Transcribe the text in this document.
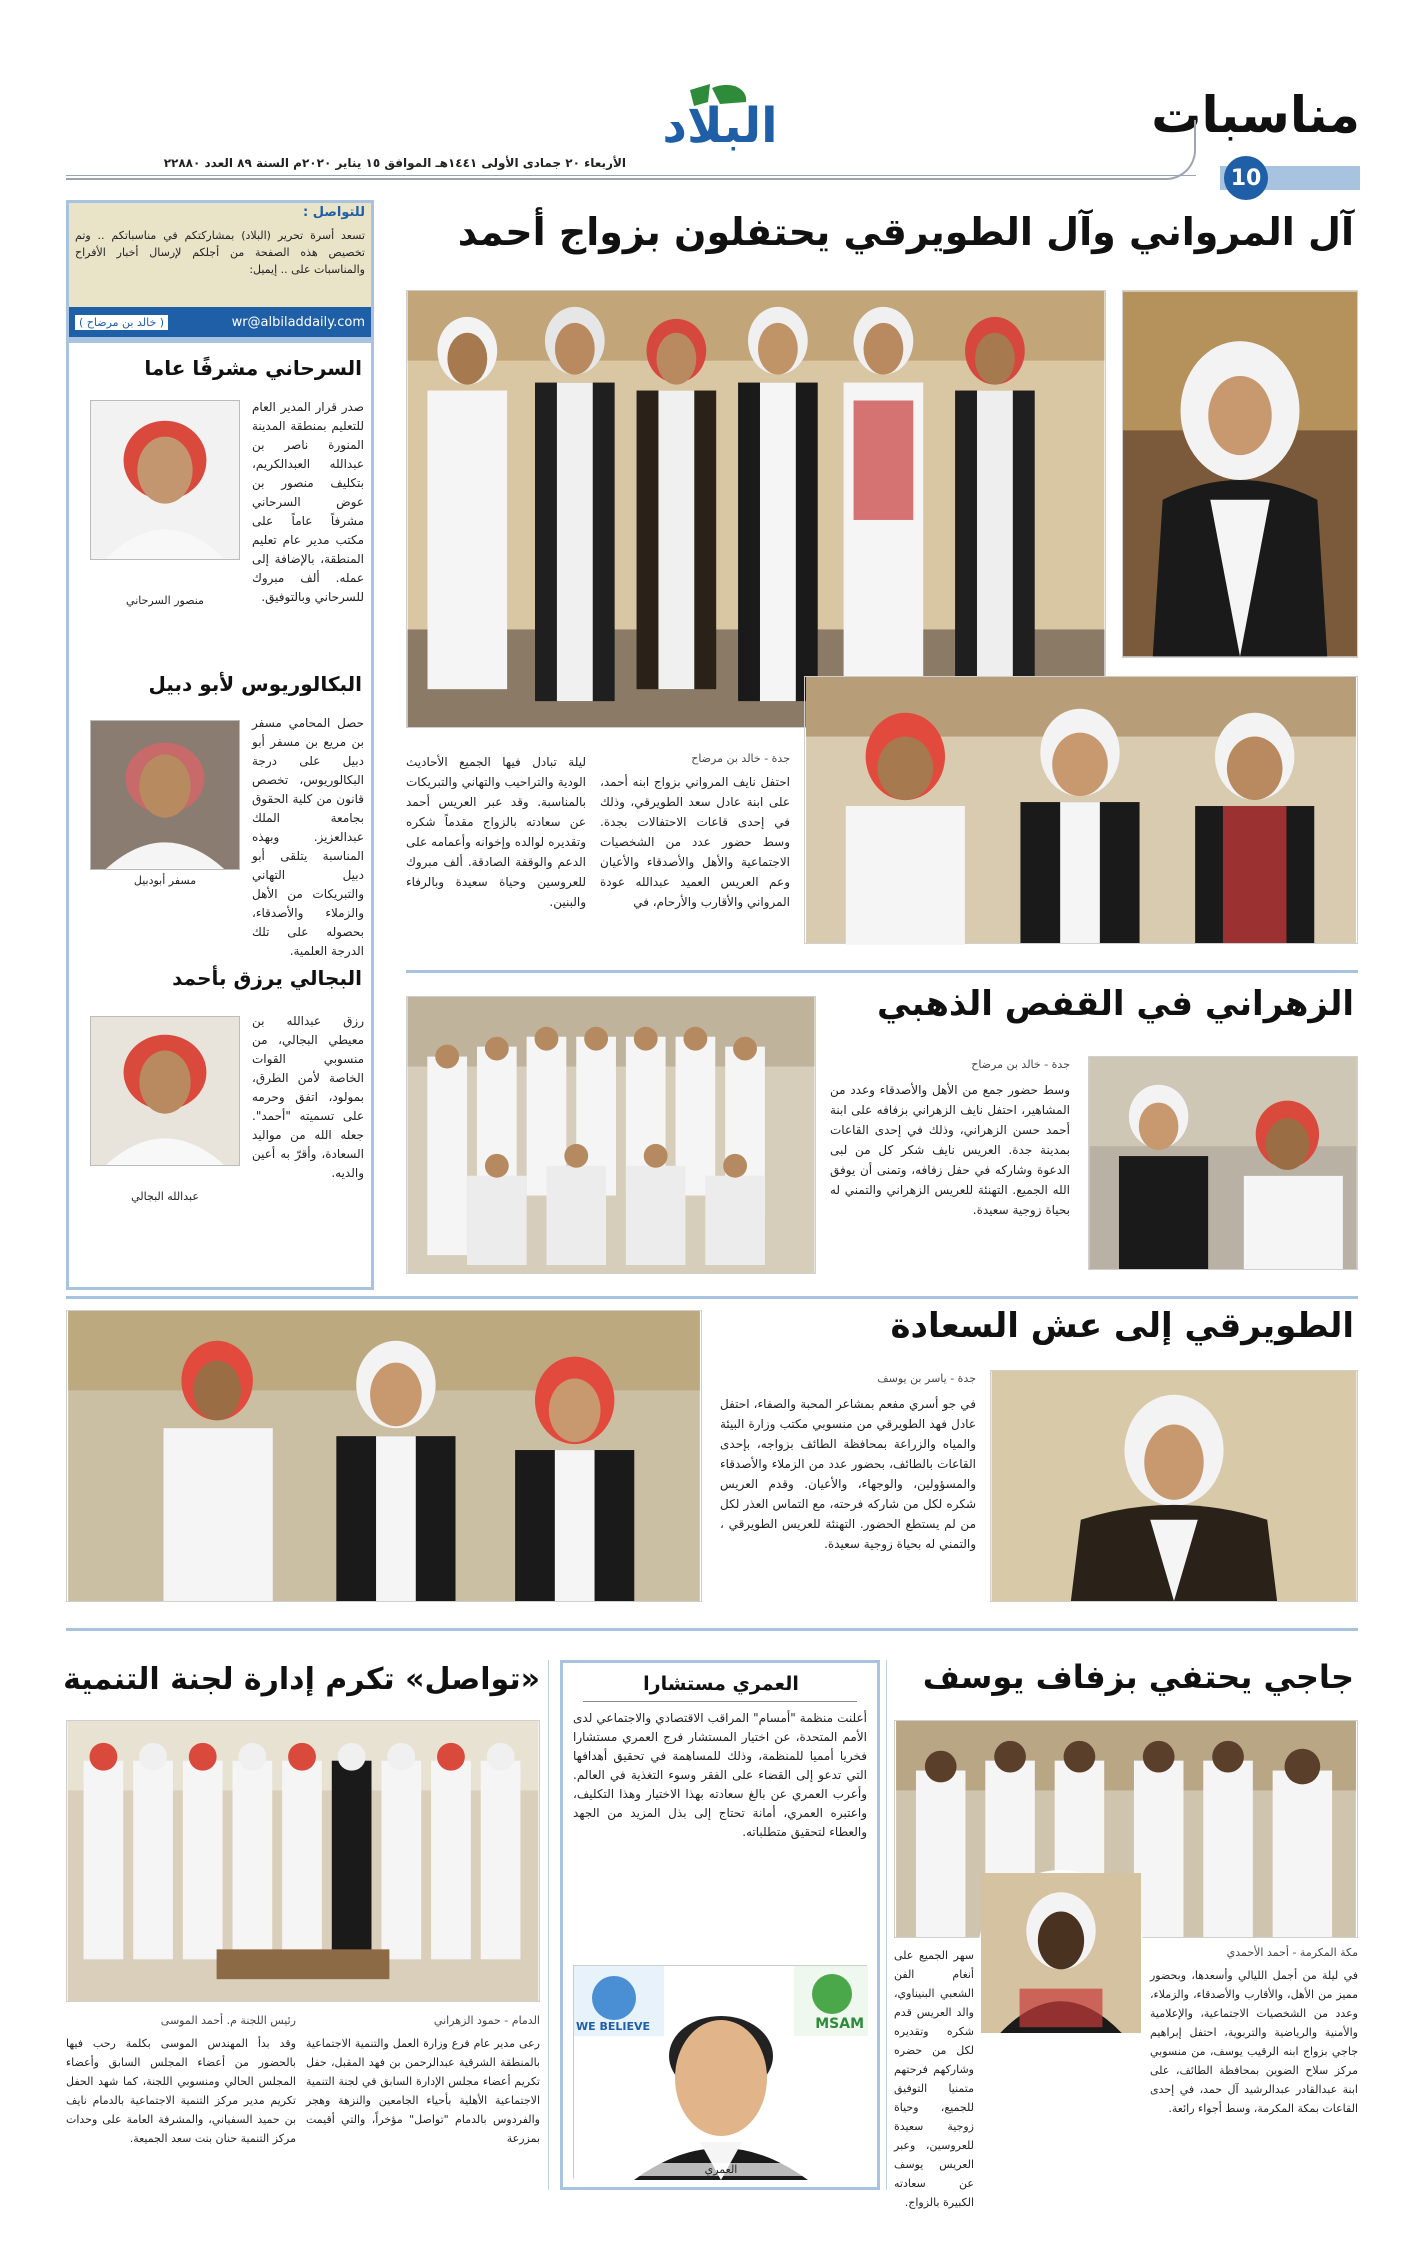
مناسبات
10
البلاد
الأربعاء ٢٠ جمادى الأولى ١٤٤١هـ الموافق ١٥ يناير ٢٠٢٠م السنة ٨٩ العدد ٢٢٨٨٠
آل المرواني وآل الطويرقي يحتفلون بزواج أحمد
جدة - خالد بن مرضاح
احتفل نايف المرواني بزواج ابنه أحمد، على ابنة عادل سعد الطويرقي، وذلك في إحدى قاعات الاحتفالات بجدة. وسط حضور عدد من الشخصيات الاجتماعية والأهل والأصدقاء والأعيان وعم العريس العميد عبدالله عودة المرواني والأقارب والأرحام، في
ليلة تبادل فيها الجميع الأحاديث الودية والتراحيب والتهاني والتبريكات بالمناسبة. وقد عبر العريس أحمد عن سعادته بالزواج مقدماً شكره وتقديره لوالده وإخوانه وأعمامه على الدعم والوقفة الصادقة. ألف مبروك للعروسين وحياة سعيدة وبالرفاء والبنين.
للتواصل :
تسعد أسرة تحرير (البلاد) بمشاركتكم في مناسباتكم .. وتم تخصيص هذه الصفحة من أجلكم لإرسال أخبار الأفراح والمناسبات على .. إيميل:
( خالد بن مرضاح )	wr@albiladdaily.com
السرحاني مشرفًا عاما
منصور السرحاني
صدر قرار المدير العام للتعليم بمنطقة المدينة المنورة ناصر بن عبدالله العبدالكريم، بتكليف منصور بن عوض السرحاني مشرفاً عاماً على مكتب مدير عام تعليم المنطقة، بالإضافة إلى عمله. ألف مبروك للسرحاني وبالتوفيق.
البكالوريوس لأبو دبيل
مسفر أبودبيل
حصل المحامي مسفر بن مريع بن مسفر أبو دبيل على درجة البكالوريوس، تخصص قانون من كلية الحقوق بجامعة الملك عبدالعزيز. وبهذه المناسبة يتلقى أبو دبيل التهاني والتبريكات من الأهل والزملاء والأصدقاء، بحصوله على تلك الدرجة العلمية.
البجالي يرزق بأحمد
عبدالله البجالي
رزق عبدالله بن معيطي البجالي، من منسوبي القوات الخاصة لأمن الطرق، بمولود، اتفق وحرمه على تسميته "أحمد". جعله الله من مواليد السعادة، وأقرّ به أعين والديه.
الزهراني في القفص الذهبي
جدة - خالد بن مرضاح
وسط حضور جمع من الأهل والأصدقاء وعدد من المشاهير، احتفل نايف الزهراني بزفافه على ابنة أحمد حسن الزهراني، وذلك في إحدى القاعات بمدينة جدة. العريس نايف شكر كل من لبى الدعوة وشاركه في حفل زفافه، وتمنى أن يوفق الله الجميع. التهنئة للعريس الزهراني والتمني له بحياة زوجية سعيدة.
الطويرقي إلى عش السعادة
جدة - ياسر بن يوسف
في جو أسري مفعم بمشاعر المحبة والصفاء، احتفل عادل فهد الطويرقي من منسوبي مكتب وزارة البيئة والمياه والزراعة بمحافظة الطائف بزواجه، بإحدى القاعات بالطائف، بحضور عدد من الزملاء والأصدقاء والمسؤولين، والوجهاء، والأعيان. وقدم العريس شكره لكل من شاركه فرحته، مع التماس العذر لكل من لم يستطع الحضور. التهنئة للعريس الطويرقي ، والتمني له بحياة زوجية سعيدة.
جاجي يحتفي بزفاف يوسف
مكة المكرمة - أحمد الأحمدي
في ليلة من أجمل الليالي وأسعدها، وبحضور مميز من الأهل، والأقارب والأصدقاء، والزملاء، وعدد من الشخصيات الاجتماعية، والإعلامية والأمنية والرياضية والتربوية، احتفل إبراهيم جاجي بزواج ابنه الرقيب يوسف، من منسوبي مركز سلاح الضوين بمحافظة الطائف، على ابنة عبدالقادر عبدالرشيد آل حمد، في إحدى القاعات بمكة المكرمة، وسط أجواء رائعة.
سهر الجميع على أنغام الفن الشعبي البنيناوي، والد العريس قدم شكره وتقديره لكل من حضره وشاركهم فرحتهم متمنيا التوفيق للجميع، وحياة زوجية سعيدة للعروسين، وعبر العريس يوسف عن سعادته الكبيرة بالزواج.
العمري مستشارا
أعلنت منظمة "أمسام" المراقب الاقتصادي والاجتماعي لدى الأمم المتحدة، عن اختيار المستشار فرج العمري مستشارا فخريا أمميا للمنظمة، وذلك للمساهمة في تحقيق أهدافها التي تدعو إلى القضاء على الفقر وسوء التغذية في العالم. وأعرب العمري عن بالغ سعادته بهذا الاختيار وهذا التكليف، واعتبره العمري، أمانة تحتاج إلى بذل المزيد من الجهد والعطاء لتحقيق متطلباته.
WE BELIEVE	MSAM
العمري
«تواصل» تكرم إدارة لجنة التنمية
الدمام - حمود الزهراني
رعى مدير عام فرع وزارة العمل والتنمية الاجتماعية بالمنطقة الشرقية عبدالرحمن بن فهد المقبل، حفل تكريم أعضاء مجلس الإدارة السابق في لجنة التنمية الاجتماعية الأهلية بأحياء الجامعين والنزهة وهجر والفردوس بالدمام "تواصل" مؤخراً، والتي أقيمت بمزرعة
رئيس اللجنة م. أحمد الموسى
وقد بدأ المهندس الموسى بكلمة رحب فيها بالحضور من أعضاء المجلس السابق وأعضاء المجلس الحالي ومنسوبي اللجنة، كما شهد الحفل تكريم مدير مركز التنمية الاجتماعية بالدمام نايف بن حميد السفياني، والمشرفة العامة على وحدات مركز التنمية حنان بنت سعد الجميعة.
